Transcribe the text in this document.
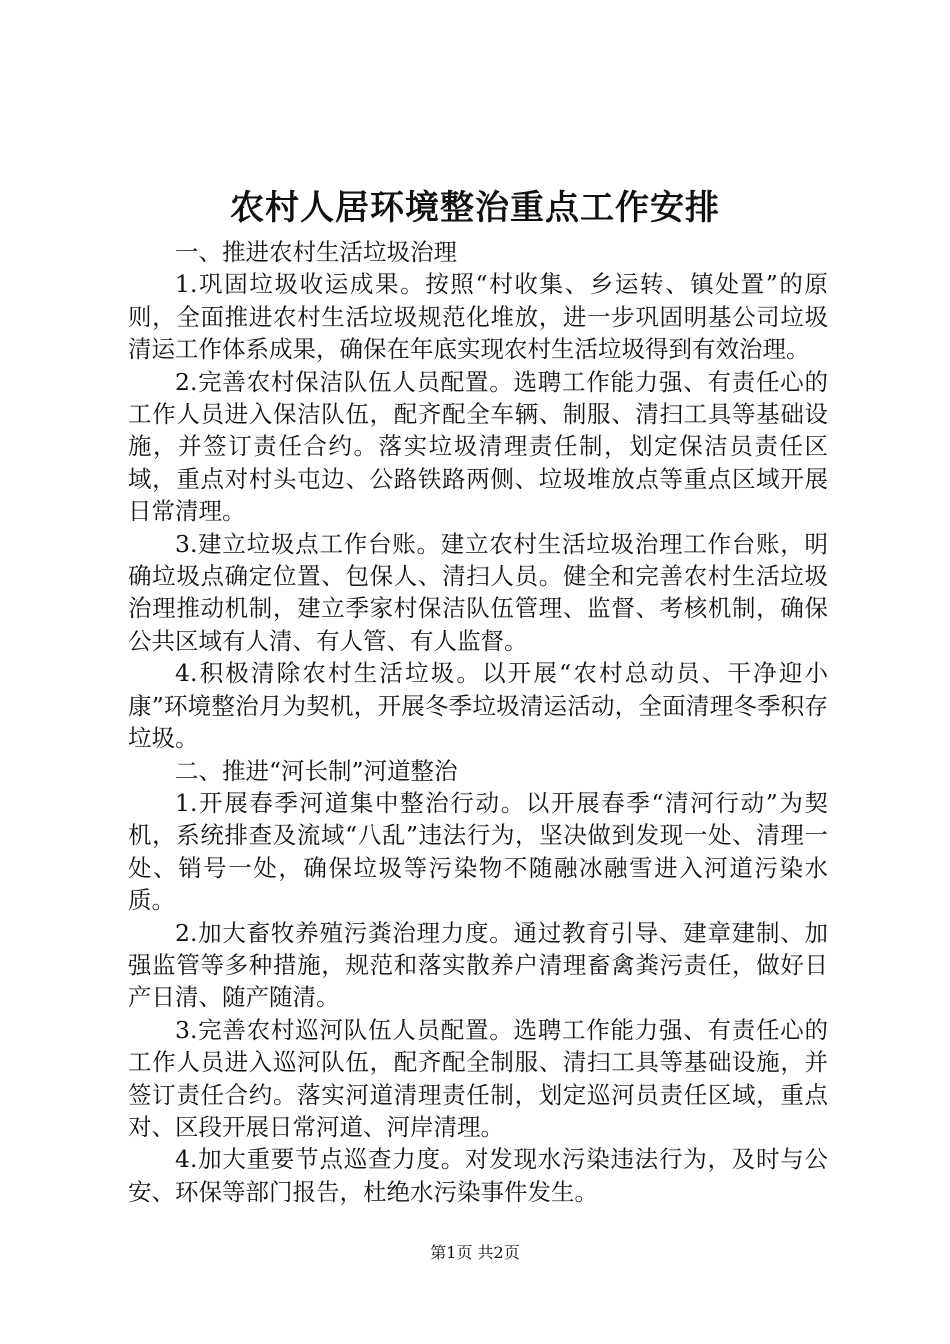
农村人居环境整治重点工作安排

一、推进农村生活垃圾治理

1.巩固垃圾收运成果。按照“村收集、乡运转、镇处置”的原则，全面推进农村生活垃圾规范化堆放，进一步巩固明基公司垃圾清运工作体系成果，确保在年底实现农村生活垃圾得到有效治理。

2.完善农村保洁队伍人员配置。选聘工作能力强、有责任心的工作人员进入保洁队伍，配齐配全车辆、制服、清扫工具等基础设施，并签订责任合约。落实垃圾清理责任制，划定保洁员责任区域，重点对村头屯边、公路铁路两侧、垃圾堆放点等重点区域开展日常清理。

3.建立垃圾点工作台账。建立农村生活垃圾治理工作台账，明确垃圾点确定位置、包保人、清扫人员。健全和完善农村生活垃圾治理推动机制，建立季家村保洁队伍管理、监督、考核机制，确保公共区域有人清、有人管、有人监督。

4.积极清除农村生活垃圾。以开展“农村总动员、干净迎小康”环境整治月为契机，开展冬季垃圾清运活动，全面清理冬季积存垃圾。

二、推进“河长制”河道整治

1.开展春季河道集中整治行动。以开展春季“清河行动”为契机，系统排查及流域“八乱”违法行为，坚决做到发现一处、清理一处、销号一处，确保垃圾等污染物不随融冰融雪进入河道污染水质。

2.加大畜牧养殖污粪治理力度。通过教育引导、建章建制、加强监管等多种措施，规范和落实散养户清理畜禽粪污责任，做好日产日清、随产随清。

3.完善农村巡河队伍人员配置。选聘工作能力强、有责任心的工作人员进入巡河队伍，配齐配全制服、清扫工具等基础设施，并签订责任合约。落实河道清理责任制，划定巡河员责任区域，重点对、区段开展日常河道、河岸清理。

4.加大重要节点巡查力度。对发现水污染违法行为，及时与公安、环保等部门报告，杜绝水污染事件发生。

第1页 共2页
